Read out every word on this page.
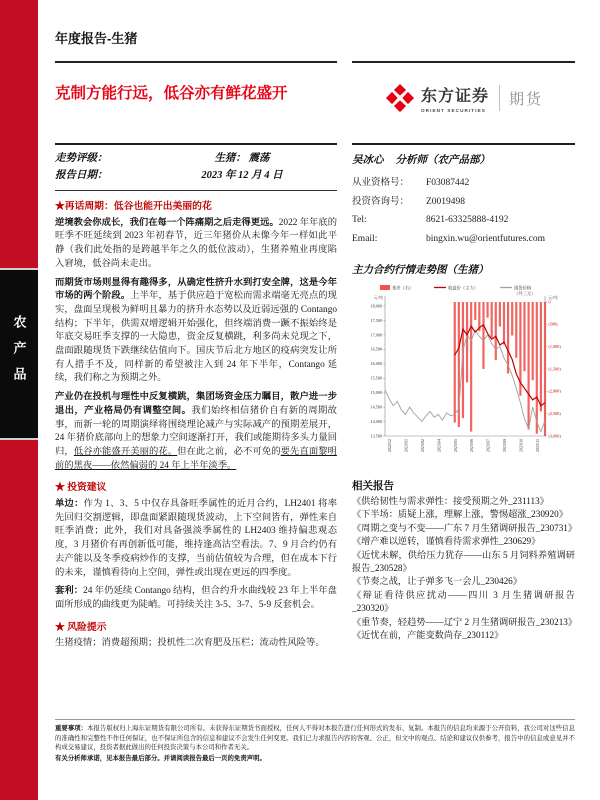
农产品
年度报告-生猪
克制方能行远，低谷亦有鲜花盛开	东方证券
ORIENT SECURITIES
期货
走势评级：	生猪： 震荡
报告日期：	2023 年 12 月 4 日
★再话周期：低谷也能开出美丽的花

逆境教会你成长，我们在每一个阵痛期之后走得更远。2022 年年底的旺季不旺延续到 2023 年初春节，近三年猪价从未像今年一样如此平静（我们此处指的是跨越半年之久的低位波动），生猪养殖业再度陷入窘境，低谷尚未走出。

而期货市场则显得有趣得多，从确定性挤升水到打安全牌，这是今年市场的两个阶段。上半年，基于供应趋于宽松而需求端毫无亮点的现实，盘面呈现极为鲜明且暴力的挤升水态势以及近弱远强的 Contango 结构；下半年，供需双增逻辑开始强化，但终端消费一蹶不振始终是年底交易旺季支撑的一大隐患，资金反复横跳，利多尚未兑现之下，盘面跟随现货下跌继续估值向下。国庆节后北方地区的疫病突发让所有人措手不及，同样新的希望被注入到 24 年下半年，Contango 延续，我们称之为预期之外。

产业仍在投机与理性中反复横跳，集团场资金压力瞩目，散户进一步退出，产业格局仍有调整空间。我们始终相信猪价自有新的周期故事，而新一轮的周期演绎将围绕理论减产与实际减产的预期差展开，24 年猪价底部向上的想象力空间逐渐打开，我们或能期待多头力量回归，低谷亦能盛开美丽的花。但在此之前，必不可免的要先直面黎明前的黑夜——依然偏弱的 24 年上半年淡季。

★ 投资建议

单边：作为 1、3、5 中仅存具备旺季属性的近月合约，LH2401 将率先回归交割逻辑，即盘面紧跟随现货波动，上下空间皆有，弹性来自旺季消费；此外，我们对具备强淡季属性的 LH2403 维持偏悲观态度，3 月猪价有再创新低可能，维持逢高沽空看法。7、9 月合约仍有去产能以及冬季疫病炒作的支撑，当前估值较为合理，但在成本下行的未来，谨慎看待向上空间，弹性或出现在更远的四季度。

套利：24 年仍延续 Contango 结构，但合约升水曲线较 23 年上半年盘面所形成的曲线更为陡峭。可持续关注 3-5、3-7、5-9 反套机会。

★ 风险提示

生猪疫情；消费超预期；投机性二次育肥及压栏；流动性风险等。

吴冰心 分析师（农产品部）
从业资格号：	F03087442
投资咨询号：	Z0019498
Tel:	8621-63325888-4192
Email:	bingxin.wu@orientfutures.com
主力合约行情走势图（生猪）
基差（右）	收盘价（主力）	现货价格
（外三元）
元/吨	元/吨
18,000
17,500
17,000
16,500
16,000
15,500
15,000
14,500
14,000
13,500
0
(500)
(1,000)
(1,500)
(2,000)
(2,500)
(3,000)
2022/12	2023/01	2023/02	2023/04	2023/05	2023/06	2023/07	2023/09	2023/10	2023/11
相关报告
《供给韧性与需求弹性：接受预期之外_231113》
《下半场：质疑上涨，理解上涨，警惕超涨_230920》
《周期之变与不变——广东 7 月生猪调研报告_230731》
《增产难以逆转，谨慎看待需求弹性_230629》
《近忧未解，供给压力犹存——山东 5 月饲料养殖调研报告_230528》
《节奏之战，让子弹多飞一会儿_230426》
《辩证看待供应扰动——四川 3 月生猪调研报告_230320》
《重节奏，轻趋势——辽宁 2 月生猪调研报告_230213》
《近忧在前，产能变数尚存_230112》
重要事项：本报告版权归上海东证期货有限公司所有。未获得东证期货书面授权，任何人不得对本报告进行任何形式的发布、复制。本报告的信息均来源于公开资料，我公司对这些信息的准确性和完整性不作任何保证，也不保证所包含的信息和建议不会发生任何变更。我们已力求报告内容的客观、公正，但文中的观点、结论和建议仅供参考，报告中的信息或意见并不构成交易建议，投资者据此做出的任何投资决策与本公司和作者无关。
有关分析师承诺，见本报告最后部分。并请阅读报告最后一页的免责声明。
